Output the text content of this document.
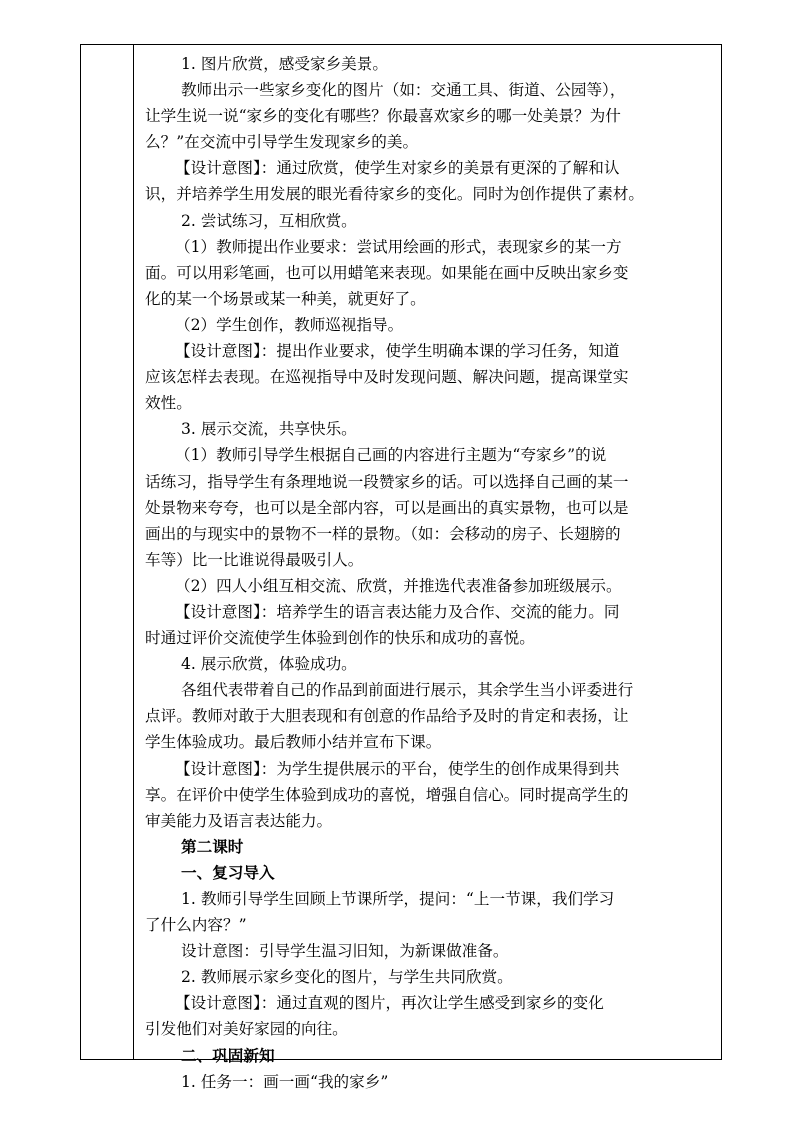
1. 图片欣赏，感受家乡美景。

教师出示一些家乡变化的图片（如：交通工具、街道、公园等），

让学生说一说“家乡的变化有哪些？你最喜欢家乡的哪一处美景？为什

么？”在交流中引导学生发现家乡的美。

【设计意图】：通过欣赏，使学生对家乡的美景有更深的了解和认

识，并培养学生用发展的眼光看待家乡的变化。同时为创作提供了素材。

2. 尝试练习，互相欣赏。

（1）教师提出作业要求：尝试用绘画的形式，表现家乡的某一方

面。可以用彩笔画，也可以用蜡笔来表现。如果能在画中反映出家乡变

化的某一个场景或某一种美，就更好了。

（2）学生创作，教师巡视指导。

【设计意图】：提出作业要求，使学生明确本课的学习任务，知道

应该怎样去表现。在巡视指导中及时发现问题、解决问题，提高课堂实

效性。

3. 展示交流，共享快乐。

（1）教师引导学生根据自己画的内容进行主题为“夸家乡”的说

话练习，指导学生有条理地说一段赞家乡的话。可以选择自己画的某一

处景物来夸夸，也可以是全部内容，可以是画出的真实景物，也可以是

画出的与现实中的景物不一样的景物。（如：会移动的房子、长翅膀的

车等）比一比谁说得最吸引人。

（2）四人小组互相交流、欣赏，并推选代表准备参加班级展示。

【设计意图】：培养学生的语言表达能力及合作、交流的能力。同

时通过评价交流使学生体验到创作的快乐和成功的喜悦。

4. 展示欣赏，体验成功。

各组代表带着自己的作品到前面进行展示，其余学生当小评委进行

点评。教师对敢于大胆表现和有创意的作品给予及时的肯定和表扬，让

学生体验成功。最后教师小结并宣布下课。

【设计意图】：为学生提供展示的平台，使学生的创作成果得到共

享。在评价中使学生体验到成功的喜悦，增强自信心。同时提高学生的

审美能力及语言表达能力。

第二课时

一、复习导入

1. 教师引导学生回顾上节课所学，提问：“上一节课，我们学习

了什么内容？”

设计意图：引导学生温习旧知，为新课做准备。

2. 教师展示家乡变化的图片，与学生共同欣赏。

【设计意图】：通过直观的图片，再次让学生感受到家乡的变化

引发他们对美好家园的向往。

二、巩固新知

1. 任务一：画一画“我的家乡”
